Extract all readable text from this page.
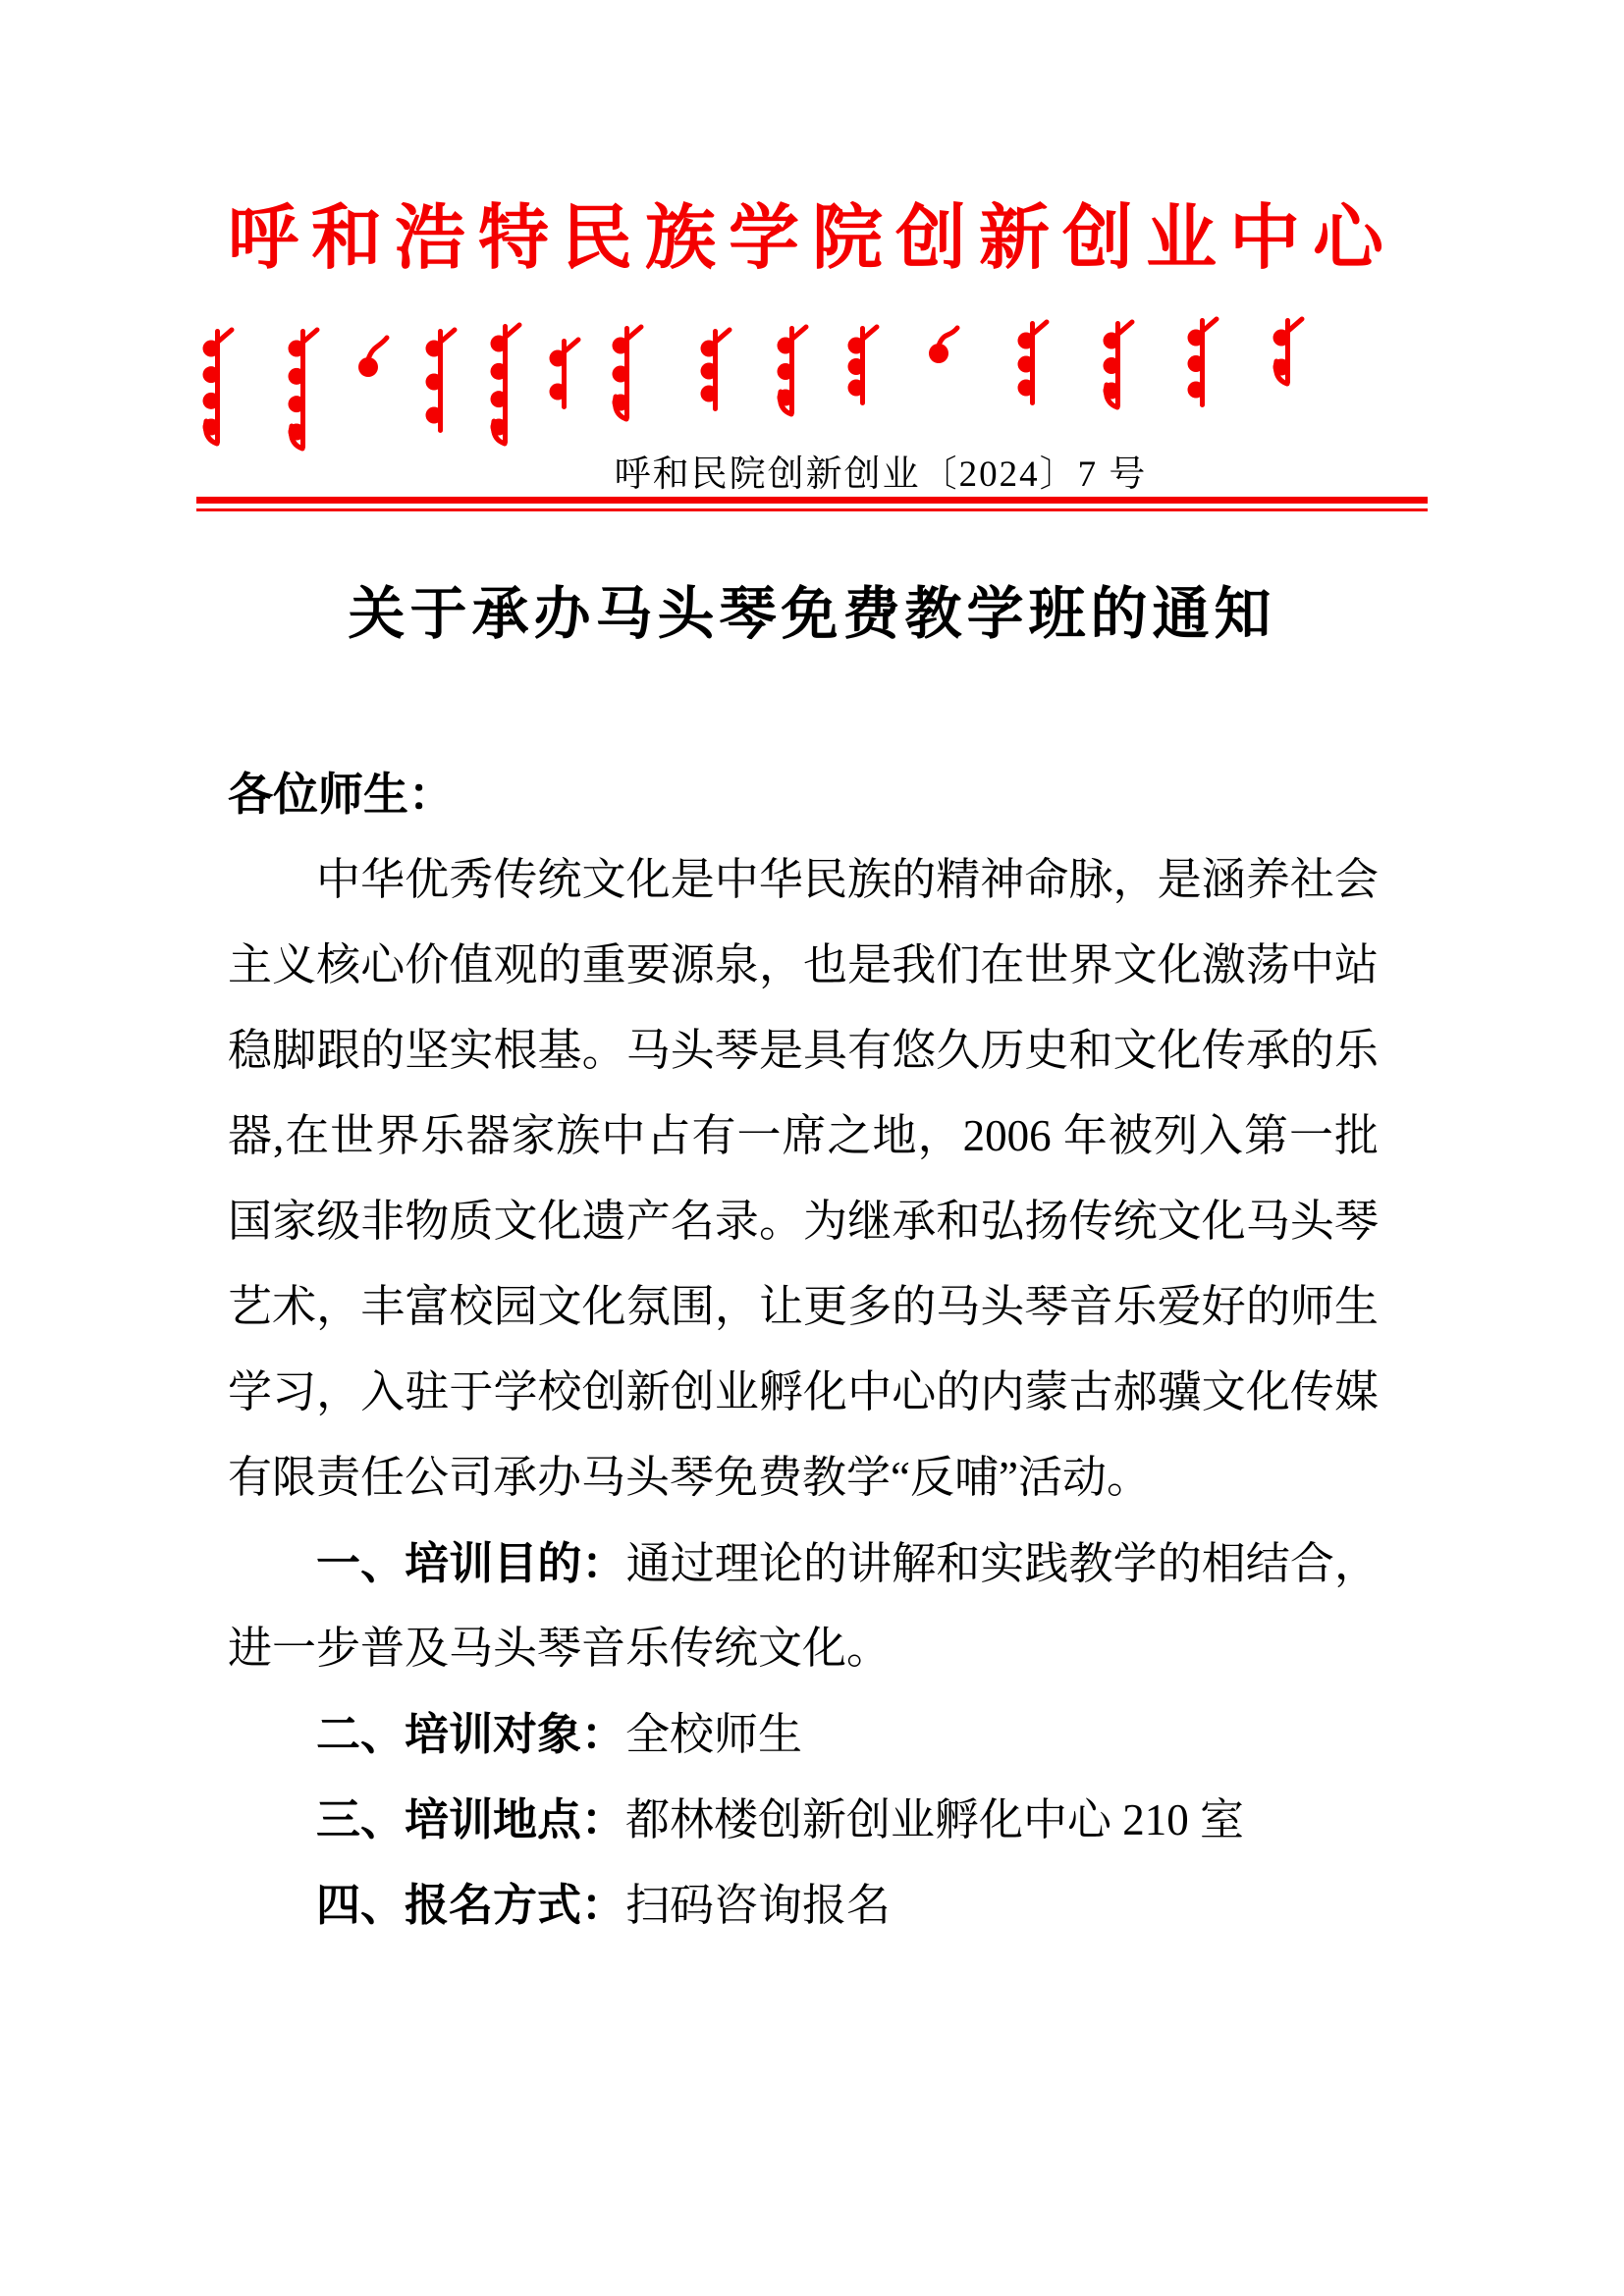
呼和浩特民族学院创新创业中心
呼和民院创新创业〔2024〕7 号
关于承办马头琴免费教学班的通知
各位师生：
中华优秀传统文化是中华民族的精神命脉，是涵养社会
主义核心价值观的重要源泉，也是我们在世界文化激荡中站
稳脚跟的坚实根基。马头琴是具有悠久历史和文化传承的乐
器,在世界乐器家族中占有一席之地，2006 年被列入第一批
国家级非物质文化遗产名录。为继承和弘扬传统文化马头琴
艺术，丰富校园文化氛围，让更多的马头琴音乐爱好的师生
学习，入驻于学校创新创业孵化中心的内蒙古郝骥文化传媒
有限责任公司承办马头琴免费教学“反哺”活动。
一、培训目的：通过理论的讲解和实践教学的相结合，
进一步普及马头琴音乐传统文化。
二、培训对象：全校师生
三、培训地点：都林楼创新创业孵化中心 210 室
四、报名方式：扫码咨询报名
